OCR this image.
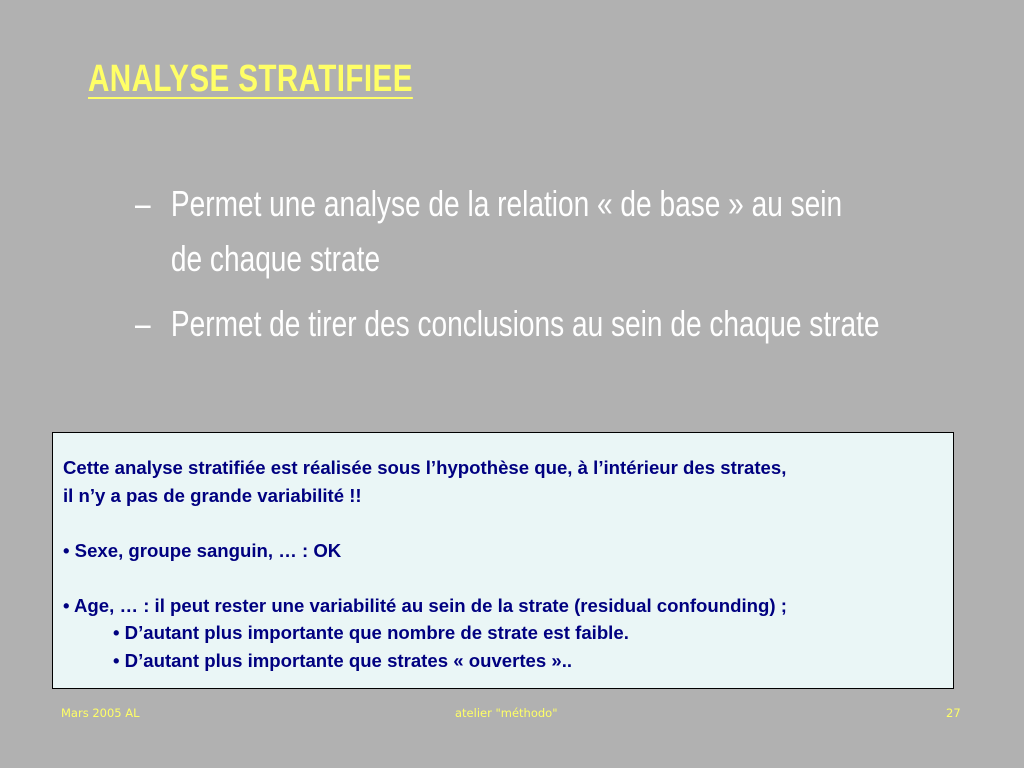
ANALYSE STRATIFIEE
– Permet une analyse de la relation « de base » au sein
de chaque strate
– Permet de tirer des conclusions au sein de chaque strate

Cette analyse stratifiée est réalisée sous l’hypothèse que, à l’intérieur des strates,

il n’y a pas de grande variabilité !!

• Sexe, groupe sanguin, … : OK

• Age, … : il peut rester une variabilité au sein de la strate (residual confounding) ;

• D’autant plus importante que nombre de strate est faible.

• D’autant plus importante que strates « ouvertes »..

Mars 2005 AL	atelier "méthodo"	27
